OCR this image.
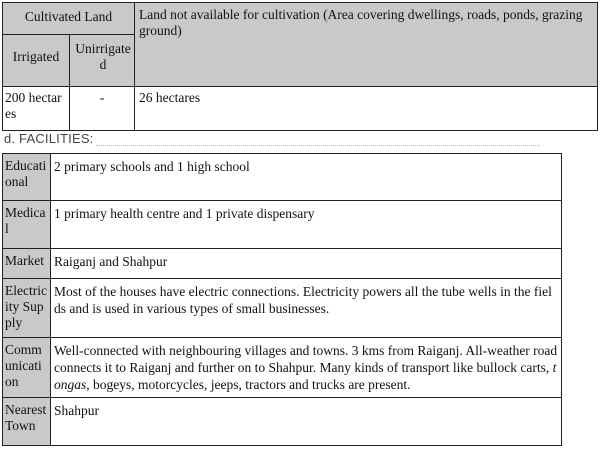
Cultivated Land	Land not available for cultivation (Area covering dwellings, roads, ponds, grazing ground)
Irrigated
Unirrigated
200 hectares
-	26 hectares
d. FACILITIES:
Educational
2 primary schools and 1 high school
Medical
1 primary health centre and 1 private dispensary
Market Raiganj and Shahpur
Electricity Supply
Most of the houses have electric connections. Electricity powers all the tube wells in the fields and is used in various types of small businesses.
Communication
Well-connected with neighbouring villages and towns. 3 kms from Raiganj. All-weather road connects it to Raiganj and further on to Shahpur. Many kinds of transport like bullock carts, tongas, bogeys, motorcycles, jeeps, tractors and trucks are present.
Nearest Town
Shahpur
